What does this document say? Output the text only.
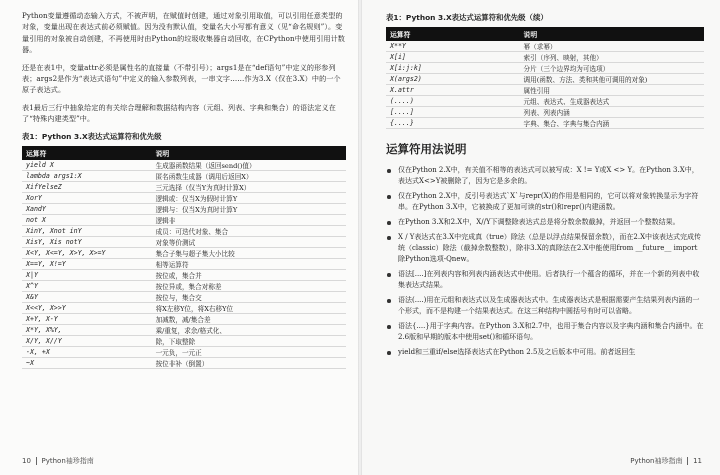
Python变量遵循动态输入方式，不被声明，在赋值时创建，通过对象引用取值，可以引用任意类型的对象，变量出现在表达式前必须赋值。因为没有默认值，变量名大小写都有意义（见“命名规则”）。变量引用的对象被自动创建，不再使用时由Python的垃圾收集器自动回收，在CPython中使用引用计数器。

还是在表1中，变量attr必须是属性名的直接量（不带引号）；args1是在“def语句”中定义的形参列表；args2是作为“表达式语句”中定义的输入参数列表，一串文字……作为3.X（仅在3.X）中的一个原子表达式。

表1最后三行中抽象给定的有关综合理解和数据结构内容（元组、列表、字典和集合）的语法定义在了“特殊内建类型”中。

表1：Python 3.X表达式运算符和优先级
运算符	说明
yield X	生成器函数结果（返回send()值）
lambda args1:X	匿名函数生成器（调用后返回X）
XifYelseZ	三元选择（仅当Y为真时计算X）
XorY	逻辑或：仅当X为假时计算Y
XandY	逻辑与：仅当X为真时计算Y
not X	逻辑非
XinY, Xnot inY	成员：可迭代对象、集合
XisY, Xis notY	对象等价测试
X<Y, X<=Y, X>Y, X>=Y	集合子集与超子集大小比较
X==Y, X!=Y	相等运算符
X|Y	按位或，集合并
X^Y	按位异或，集合对称差
X&Y	按位与，集合交
X<<Y, X>>Y	将X左移Y位，将X右移Y位
X+Y, X-Y	加减数，减/集合差
X*Y, X%Y,	乘/重复，求余/格式化、
X/Y, X//Y	除，下取整除
-X, +X	一元负，一元正
~X	按位非补（倒置）
10 Python袖珍指南
表1：Python 3.X表达式运算符和优先级（续）
运算符	说明
X**Y	幂（求幂）
X[i]	索引（序列、映射，其他）
X[i:j:k]	分片（三个边界均为可选项）
X(args2)	调用(函数、方法、类和其他可调用的对象)
X.attr	属性引用
(....)	元组、表达式、生成器表达式
[....]	列表、列表内涵
{....}	字典、集合、字典与集合内涵
运算符用法说明
仅在Python 2.X中，有关值不相等的表达式可以被写成：X != Y或X <> Y。在Python 3.X中，表达式X<>Y被删除了，因为它是多余的。
仅在Python 2.X中，反引号表达式`X`与repr(X)的作用是相同的，它可以将对象转换显示为字符串。在Python 3.X中，它被换成了更加可读的str()和repr()内建函数。
在Python 3.X和2.X中，X//Y下调整除表达式总是将分数余数截掉，并返回一个整数结果。
X / Y表达式在3.X中完成真（true）除法（总是以浮点结果保留余数），而在2.X中该表达式完成传统（classic）除法（截掉余数整数），除非3.X的真除法在2.X中能使用from __future__ import除Python选项-Qnew。
语法[....]在列表内容和列表内涵表达式中使用。后者执行一个蕴含的循环，并在一个新的列表中收集表达式结果。
语法(....)用在元组和表达式以及生成器表达式中。生成器表达式是根据需要产生结果列表内涵的一个形式，而不是构建一个结果表达式。在这三种结构中圆括号有时可以省略。
语法{....}用于字典内容。在Python 3.X和2.7中，也用于集合内容以及字典内涵和集合内涵中。在2.6版和早期的版本中使用set()和循环语句。
yield和三重if/else选择表达式在Python 2.5及之后版本中可用。前者返回生
Python袖珍指南 11
